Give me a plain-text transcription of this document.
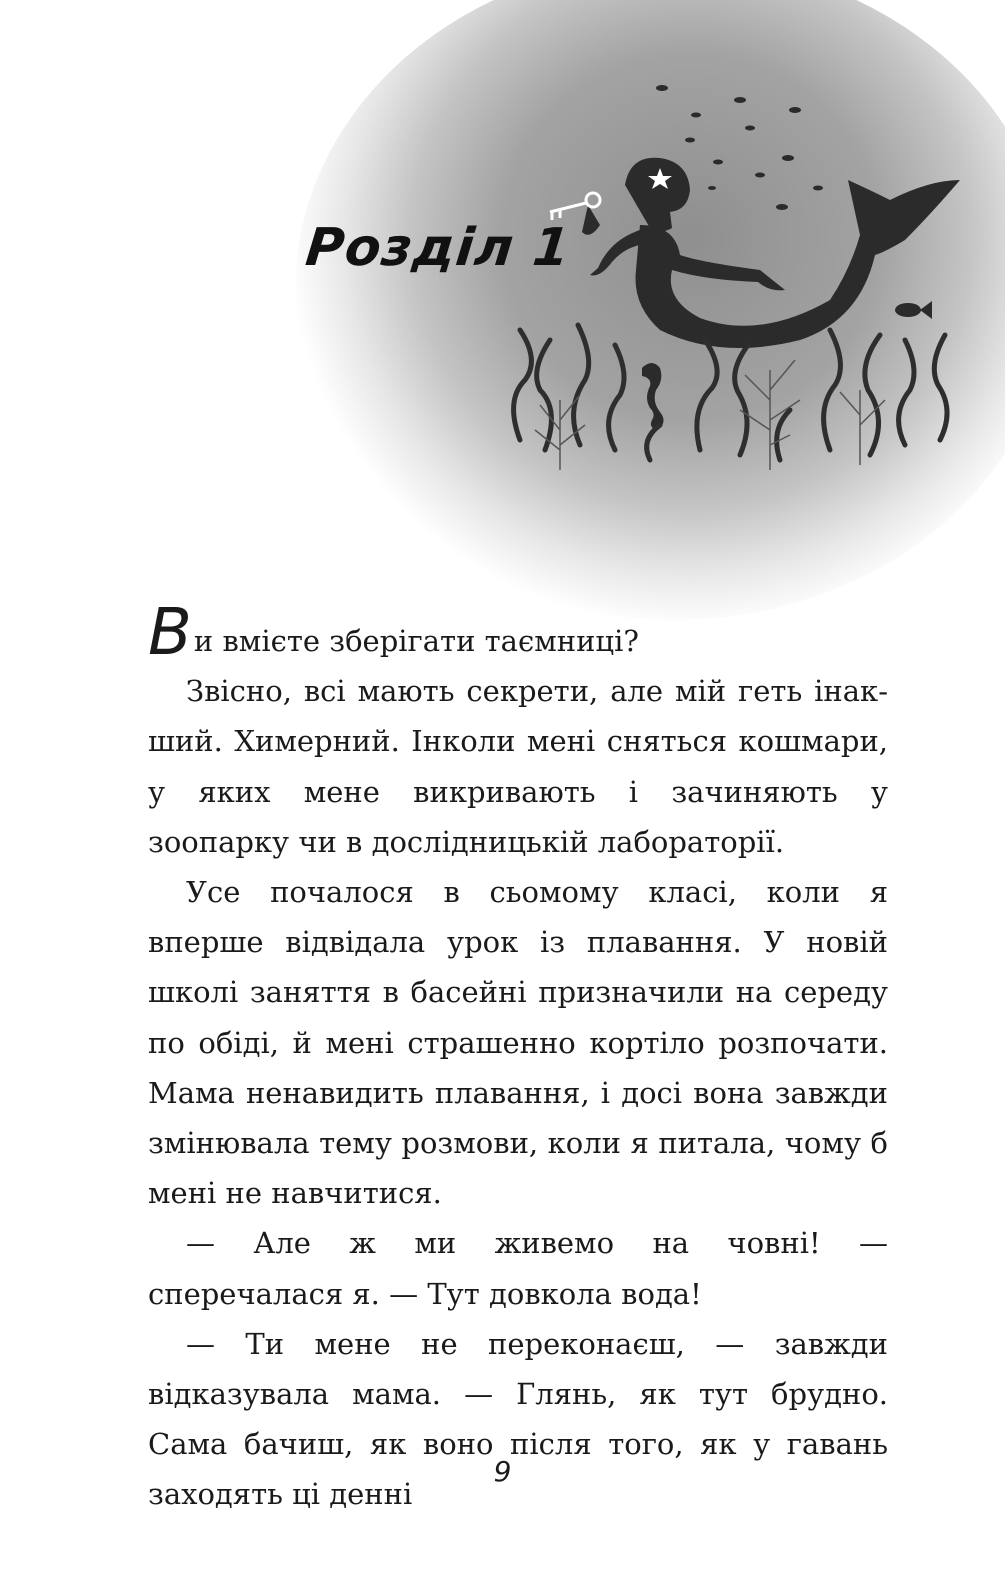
Розділ 1

Ви вмієте зберігати таємниці?

Звісно, всі мають секрети, але мій геть інакший. Химерний. Інколи мені сняться кошмари, у яких мене викривають і зачиняють у зоопарку чи в дослідницькій лабораторії.

Усе почалося в сьомому класі, коли я вперше відвідала урок із плавання. У новій школі заняття в басейні призначили на середу по обіді, й мені страшенно кортіло розпочати. Мама ненавидить плавання, і досі вона завжди змінювала тему розмови, коли я питала, чому б мені не навчитися.

— Але ж ми живемо на човні! — сперечалася я. — Тут довкола вода!

— Ти мене не переконаєш, — завжди відказувала мама. — Глянь, як тут брудно. Сама бачиш, як воно після того, як у гавань заходять ці денні

9
